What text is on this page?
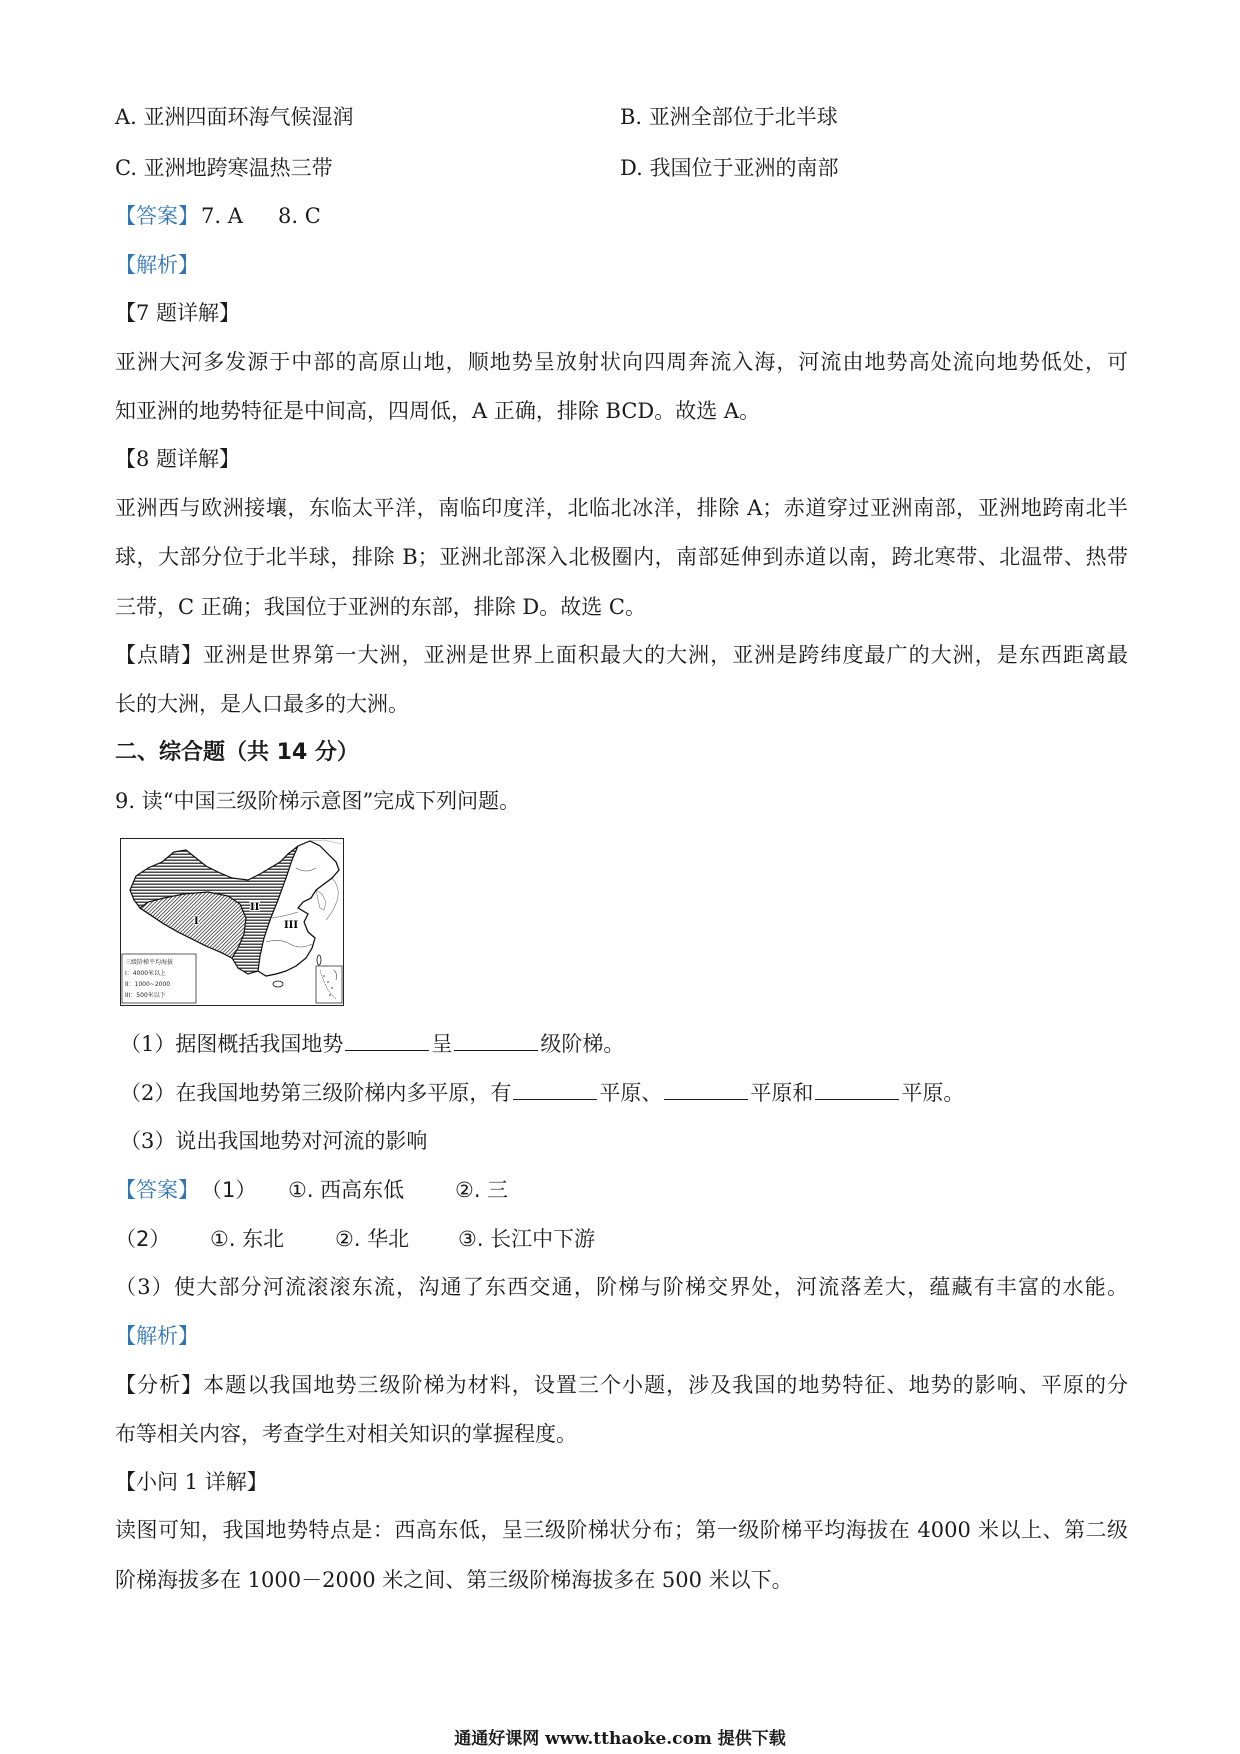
A. 亚洲四面环海气候湿润	B. 亚洲全部位于北半球
C. 亚洲地跨寒温热三带	D. 我国位于亚洲的南部
【答案】 7. A 8. C
【解析】
【7 题详解】
亚洲大河多发源于中部的高原山地，顺地势呈放射状向四周奔流入海，河流由地势高处流向地势低处，可
知亚洲的地势特征是中间高，四周低，A 正确，排除 BCD。故选 A。
【8 题详解】
亚洲西与欧洲接壤，东临太平洋，南临印度洋，北临北冰洋，排除 A；赤道穿过亚洲南部，亚洲地跨南北半
球，大部分位于北半球，排除 B；亚洲北部深入北极圈内，南部延伸到赤道以南，跨北寒带、北温带、热带
三带，C 正确；我国位于亚洲的东部，排除 D。故选 C。
【点睛】亚洲是世界第一大洲，亚洲是世界上面积最大的大洲，亚洲是跨纬度最广的大洲，是东西距离最
长的大洲，是人口最多的大洲。
二、综合题（共 14 分）
9. 读“中国三级阶梯示意图”完成下列问题。
I
II
III
三级阶梯平均海拔
I：4000米以上
II：1000~2000
III：500米以下
（1）据图概括我国地势	呈	级阶梯。
（2）在我国地势第三级阶梯内多平原，有	平原、	平原和	平原。
（3）说出我国地势对河流的影响
【答案】 （1） ①. 西高东低 ②. 三
（2） ①. 东北 ②. 华北 ③. 长江中下游
（3）使大部分河流滚滚东流，沟通了东西交通，阶梯与阶梯交界处，河流落差大，蕴藏有丰富的水能。
【解析】
【分析】本题以我国地势三级阶梯为材料，设置三个小题，涉及我国的地势特征、地势的影响、平原的分
布等相关内容，考查学生对相关知识的掌握程度。
【小问 1 详解】
读图可知，我国地势特点是：西高东低，呈三级阶梯状分布；第一级阶梯平均海拔在 4000 米以上、第二级
阶梯海拔多在 1000－2000 米之间、第三级阶梯海拔多在 500 米以下。
通通好课网 www.tthaoke.com 提供下载
